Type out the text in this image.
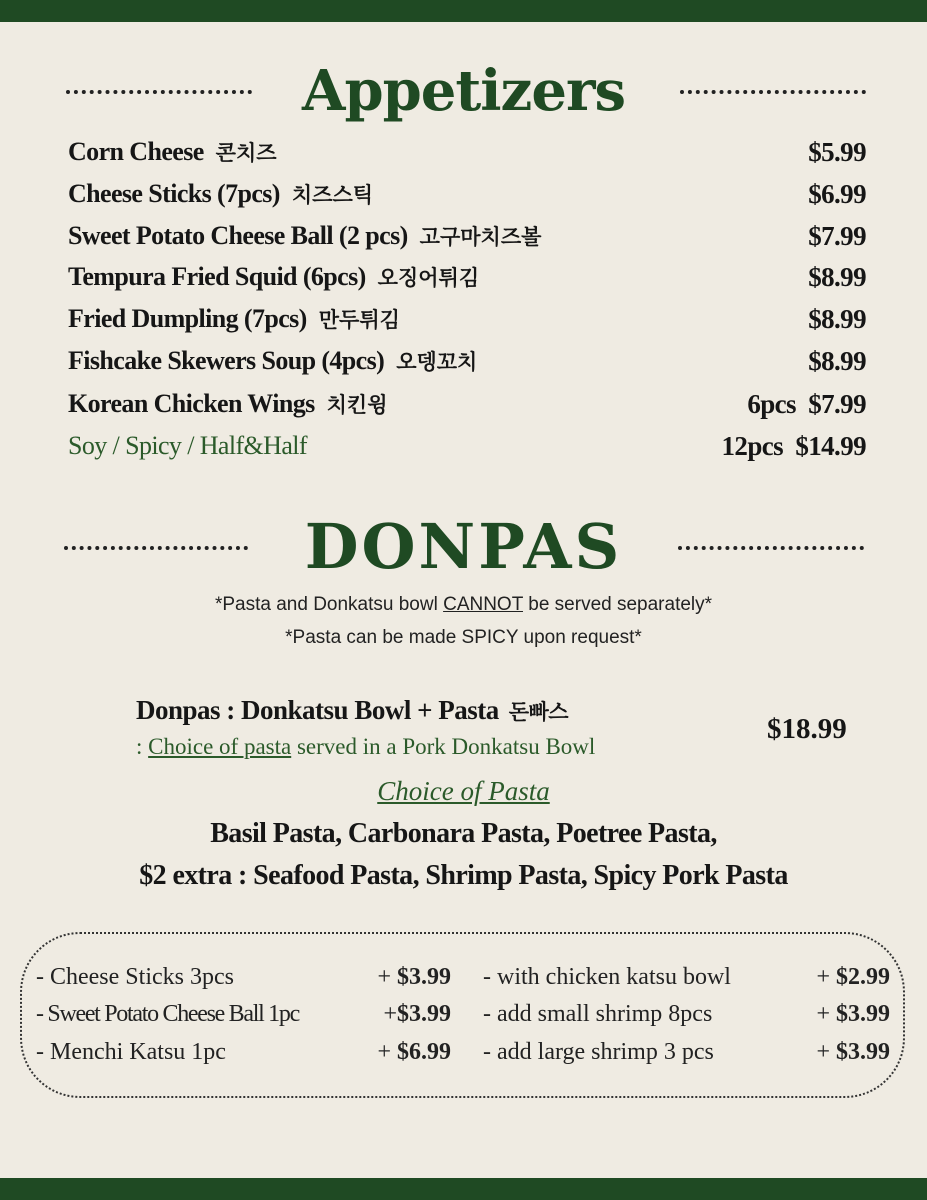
Appetizers
Corn Cheese 콘치즈	$5.99
Cheese Sticks (7pcs) 치즈스틱	$6.99
Sweet Potato Cheese Ball (2 pcs) 고구마치즈볼	$7.99
Tempura Fried Squid (6pcs) 오징어튀김	$8.99
Fried Dumpling (7pcs) 만두튀김	$8.99
Fishcake Skewers Soup (4pcs) 오뎅꼬치	$8.99
Korean Chicken Wings 치킨윙	6pcs  $7.99
Soy / Spicy / Half&Half	12pcs  $14.99
DONPAS
*Pasta and Donkatsu bowl CANNOT be served separately*
*Pasta can be made SPICY upon request*
Donpas : Donkatsu Bowl + Pasta 돈빠스
: Choice of pasta served in a Pork Donkatsu Bowl
$18.99
Choice of Pasta
Basil Pasta, Carbonara Pasta, Poetree Pasta,
$2 extra : Seafood Pasta, Shrimp Pasta, Spicy Pork Pasta
- Cheese Sticks 3pcs	+ $3.99
- Sweet Potato Cheese Ball 1pc	+$3.99
- Menchi Katsu 1pc	+ $6.99
- with chicken katsu bowl	+ $2.99
- add small shrimp 8pcs	+ $3.99
- add large shrimp 3 pcs	+ $3.99
